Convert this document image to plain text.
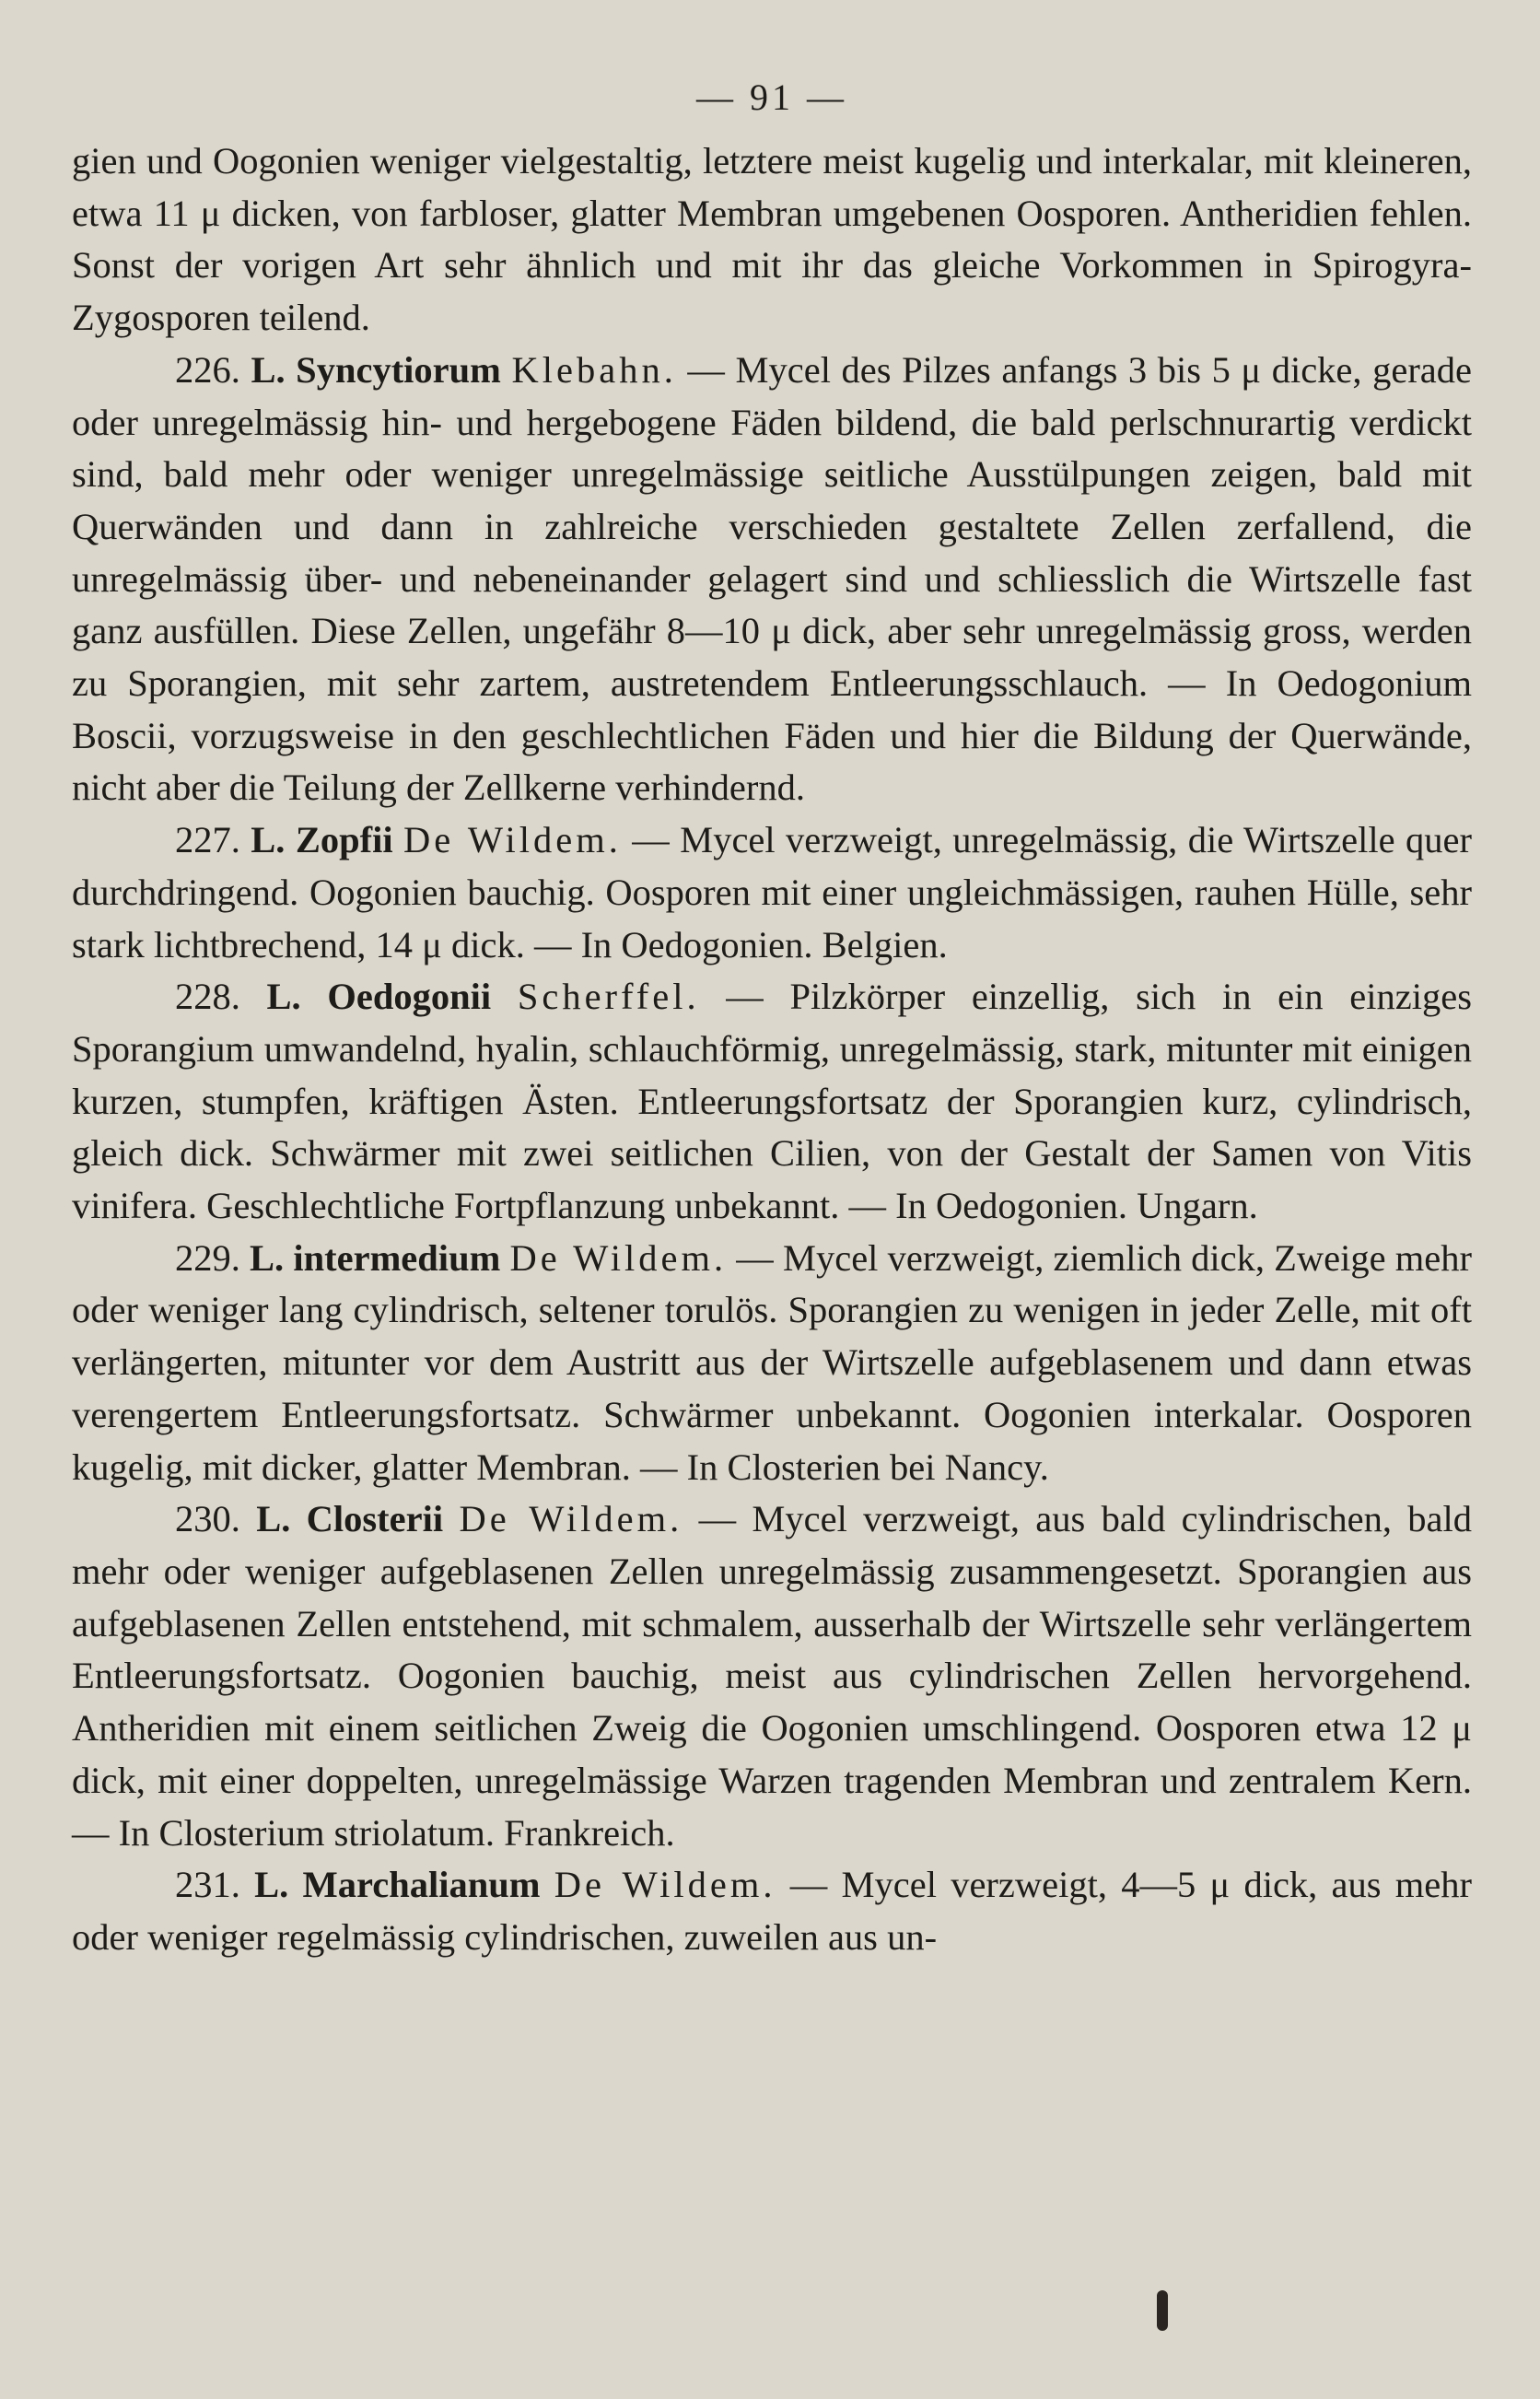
— 91 —

gien und Oogonien weniger vielgestaltig, letztere meist kugelig und interkalar, mit kleineren, etwa 11 μ dicken, von farbloser, glatter Membran umgebenen Oosporen. Antheridien fehlen. Sonst der vorigen Art sehr ähnlich und mit ihr das gleiche Vorkommen in Spirogyra-Zygosporen teilend.

226. L. Syncytiorum Klebahn. — Mycel des Pilzes anfangs 3 bis 5 μ dicke, gerade oder unregelmässig hin- und hergebogene Fäden bildend, die bald perlschnurartig verdickt sind, bald mehr oder weniger unregelmässige seitliche Ausstülpungen zeigen, bald mit Querwänden und dann in zahlreiche verschieden gestaltete Zellen zerfallend, die unregelmässig über- und nebeneinander gelagert sind und schliesslich die Wirtszelle fast ganz ausfüllen. Diese Zellen, ungefähr 8—10 μ dick, aber sehr unregelmässig gross, werden zu Sporangien, mit sehr zartem, austretendem Entleerungsschlauch. — In Oedogonium Boscii, vorzugsweise in den geschlechtlichen Fäden und hier die Bildung der Querwände, nicht aber die Teilung der Zellkerne verhindernd.

227. L. Zopfii De Wildem. — Mycel verzweigt, unregelmässig, die Wirtszelle quer durchdringend. Oogonien bauchig. Oosporen mit einer ungleichmässigen, rauhen Hülle, sehr stark lichtbrechend, 14 μ dick. — In Oedogonien. Belgien.

228. L. Oedogonii Scherffel. — Pilzkörper einzellig, sich in ein einziges Sporangium umwandelnd, hyalin, schlauchförmig, unregelmässig, stark, mitunter mit einigen kurzen, stumpfen, kräftigen Ästen. Entleerungsfortsatz der Sporangien kurz, cylindrisch, gleich dick. Schwärmer mit zwei seitlichen Cilien, von der Gestalt der Samen von Vitis vinifera. Geschlechtliche Fortpflanzung unbekannt. — In Oedogonien. Ungarn.

229. L. intermedium De Wildem. — Mycel verzweigt, ziemlich dick, Zweige mehr oder weniger lang cylindrisch, seltener torulös. Sporangien zu wenigen in jeder Zelle, mit oft verlängerten, mitunter vor dem Austritt aus der Wirtszelle aufgeblasenem und dann etwas verengertem Entleerungsfortsatz. Schwärmer unbekannt. Oogonien interkalar. Oosporen kugelig, mit dicker, glatter Membran. — In Closterien bei Nancy.

230. L. Closterii De Wildem. — Mycel verzweigt, aus bald cylindrischen, bald mehr oder weniger aufgeblasenen Zellen unregelmässig zusammengesetzt. Sporangien aus aufgeblasenen Zellen entstehend, mit schmalem, ausserhalb der Wirtszelle sehr verlängertem Entleerungsfortsatz. Oogonien bauchig, meist aus cylindrischen Zellen hervorgehend. Antheridien mit einem seitlichen Zweig die Oogonien umschlingend. Oosporen etwa 12 μ dick, mit einer doppelten, unregelmässige Warzen tragenden Membran und zentralem Kern. — In Closterium striolatum. Frankreich.

231. L. Marchalianum De Wildem. — Mycel verzweigt, 4—5 μ dick, aus mehr oder weniger regelmässig cylindrischen, zuweilen aus un-
